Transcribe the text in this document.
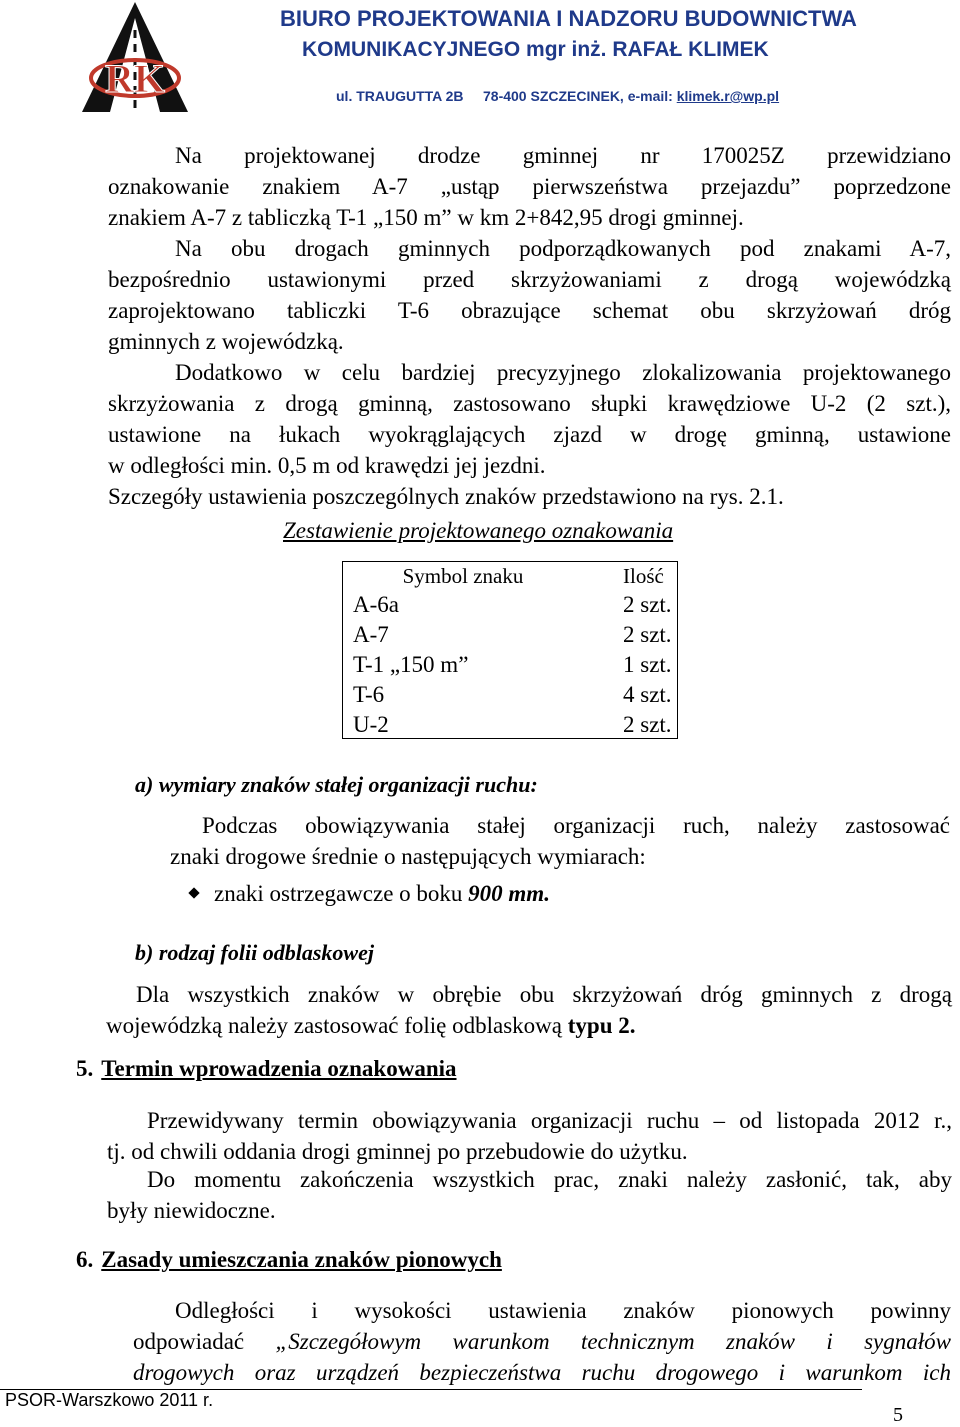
RK
BIURO PROJEKTOWANIA I NADZORU BUDOWNICTWA
KOMUNIKACYJNEGO mgr inż. RAFAŁ KLIMEK
ul. TRAUGUTTA 2B     78-400 SZCZECINEK, e-mail: klimek.r@wp.pl
Na projektowanej drodze gminnej nr 170025Z przewidziano
oznakowanie znakiem A-7 „ustąp pierwszeństwa przejazdu” poprzedzone
znakiem A-7 z tabliczką T-1 „150 m” w km 2+842,95 drogi gminnej.
Na obu drogach gminnych podporządkowanych pod znakami A-7,
bezpośrednio ustawionymi przed skrzyżowaniami z drogą wojewódzką
zaprojektowano tabliczki T-6 obrazujące schemat obu skrzyżowań dróg
gminnych z wojewódzką.
Dodatkowo w celu bardziej precyzyjnego zlokalizowania projektowanego
skrzyżowania z drogą gminną, zastosowano słupki krawędziowe U-2 (2 szt.),
ustawione na łukach wyokrąglających zjazd w drogę gminną, ustawione
w odległości min. 0,5 m od krawędzi jej jezdni.
Szczegóły ustawienia poszczególnych znaków przedstawiono na rys. 2.1.
Zestawienie projektowanego oznakowania
Symbol znaku	Ilość
A-6a	2 szt.
A-7	2 szt.
T-1 „150 m”	1 szt.
T-6	4 szt.
U-2	2 szt.
a) wymiary znaków stałej organizacji ruchu:
Podczas obowiązywania stałej organizacji ruch, należy zastosować
znaki drogowe średnie o następujących wymiarach:
znaki ostrzegawcze o boku 900 mm.
b) rodzaj folii odblaskowej
Dla wszystkich znaków w obrębie obu skrzyżowań dróg gminnych z drogą
wojewódzką należy zastosować folię odblaskową typu 2.
5. Termin wprowadzenia oznakowania
Przewidywany termin obowiązywania organizacji ruchu – od listopada 2012 r.,
tj. od chwili oddania drogi gminnej po przebudowie do użytku.
Do momentu zakończenia wszystkich prac, znaki należy zasłonić, tak, aby
były niewidoczne.
6. Zasady umieszczania znaków pionowych
Odległości i wysokości ustawienia znaków pionowych powinny
odpowiadać „Szczegółowym warunkom technicznym znaków i sygnałów
drogowych oraz urządzeń bezpieczeństwa ruchu drogowego i warunkom ich
PSOR-Warszkowo 2011 r.
5
